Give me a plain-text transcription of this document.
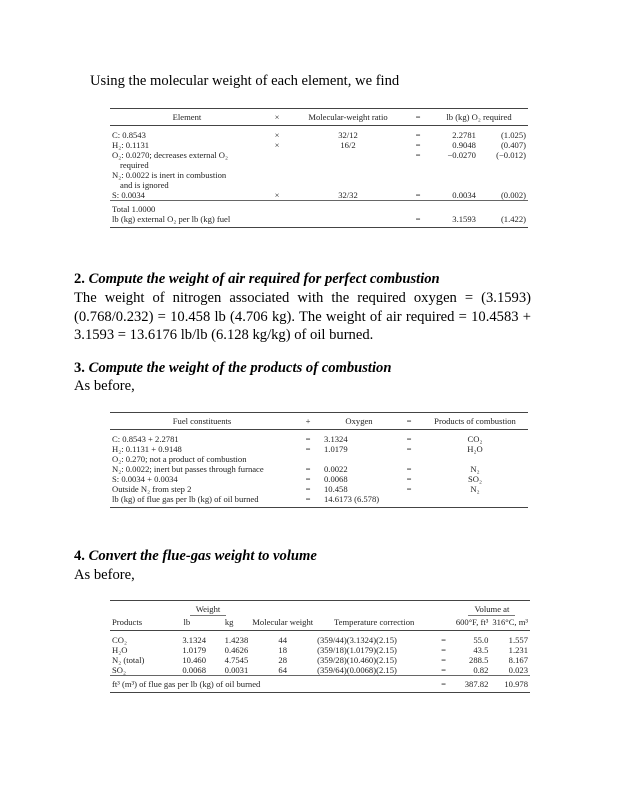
Using the molecular weight of each element, we find
Element	×	Molecular-weight ratio	=	lb (kg) O₂ required	
C: 0.8543	×	32/12	=	2.2781	(1.025)
H₂: 0.1131	×	16/2	=	0.9048	(0.407)
O₂: 0.0270; decreases external O₂			=	−0.0270	(−0.012)
required					
N₂: 0.0022 is inert in combustion					
and is ignored					
S: 0.0034	×	32/32	=	0.0034	(0.002)
Total 1.0000					
lb (kg) external O₂ per lb (kg) fuel			=	3.1593	(1.422)
2. Compute the weight of air required for perfect combustion
The weight of nitrogen associated with the required oxygen = (3.1593) (0.768/0.232) = 10.458 lb (4.706 kg). The weight of air required = 10.4583 + 3.1593 = 13.6176 lb/lb (6.128 kg/kg) of oil burned.
3. Compute the weight of the products of combustion
As before,
Fuel constituents	+	Oxygen	=	Products of combustion
C: 0.8543 + 2.2781	=	3.1324	=	CO₂
H₂: 0.1131 + 0.9148	=	1.0179	=	H₂O
O₂: 0.270; not a product of combustion				
N₂: 0.0022; inert but passes through furnace	=	0.0022	=	N₂
S: 0.0034 + 0.0034	=	0.0068	=	SO₂
Outside N₂ from step 2	=	10.458	=	N₂
lb (kg) of flue gas per lb (kg) of oil burned	=	14.6173 (6.578)		
4. Convert the flue-gas weight to volume
As before,
	Weight		Molecular weight			Volume at	
Products	lb	kg		Temperature correction		600°F, ft³	316°C, m³
CO₂	3.1324	1.4238	44	(359/44)(3.1324)(2.15)	=	55.0	1.557
H₂O	1.0179	0.4626	18	(359/18)(1.0179)(2.15)	=	43.5	1.231
N₂ (total)	10.460	4.7545	28	(359/28)(10.460)(2.15)	=	288.5	8.167
SO₂	0.0068	0.0031	64	(359/64)(0.0068)(2.15)	=	0.82	0.023
ft³ (m³) of flue gas per lb (kg) of oil burned					=	387.82	10.978
